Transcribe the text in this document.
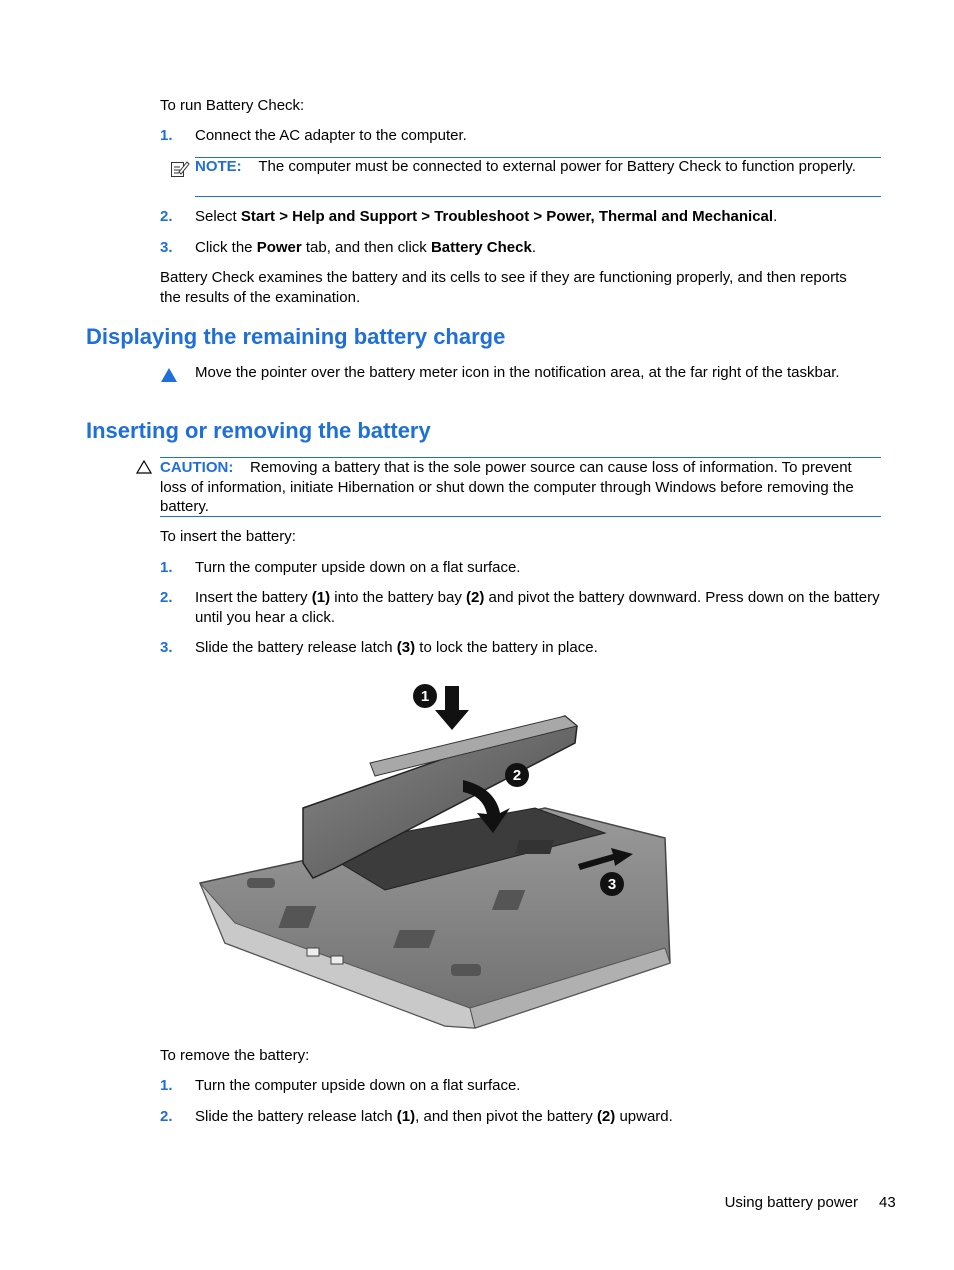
To run Battery Check:

1. Connect the AC adapter to the computer.

NOTE: The computer must be connected to external power for Battery Check to function properly.

2. Select Start > Help and Support > Troubleshoot > Power, Thermal and Mechanical.

3. Click the Power tab, and then click Battery Check.

Battery Check examines the battery and its cells to see if they are functioning properly, and then reports the results of the examination.

Displaying the remaining battery charge

Move the pointer over the battery meter icon in the notification area, at the far right of the taskbar.

Inserting or removing the battery

CAUTION: Removing a battery that is the sole power source can cause loss of information. To prevent loss of information, initiate Hibernation or shut down the computer through Windows before removing the battery.

To insert the battery:

1. Turn the computer upside down on a flat surface.

2. Insert the battery (1) into the battery bay (2) and pivot the battery downward. Press down on the battery until you hear a click.

3. Slide the battery release latch (3) to lock the battery in place.

1
2
3

To remove the battery:

1. Turn the computer upside down on a flat surface.

2. Slide the battery release latch (1), and then pivot the battery (2) upward.

Using battery power 43
